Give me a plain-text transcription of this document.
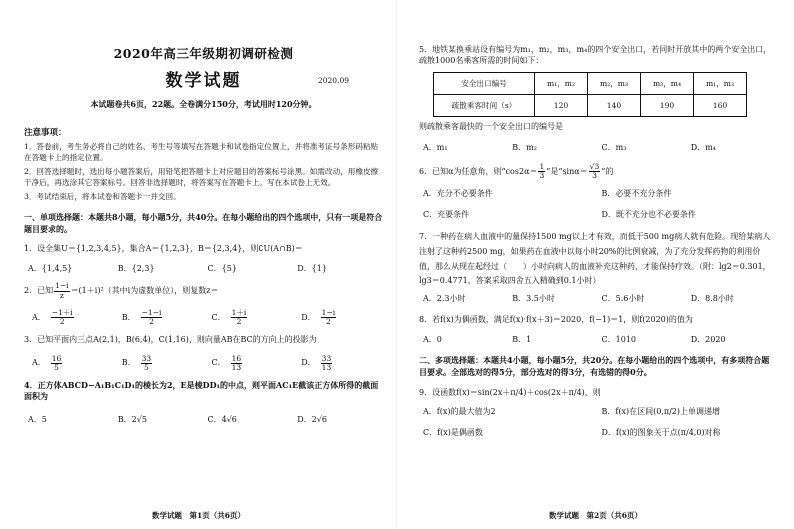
2020年高三年级期初调研检测
数学试题	2020.09
本试题卷共6页，22题。全卷满分150分，考试用时120分钟。
注意事项：

1．答卷前，考生务必将自己的姓名、考生号等填写在答题卡和试卷指定位置上，并将准考证号条形码粘贴在答题卡上的指定位置。

2．回答选择题时，选出每小题答案后，用铅笔把答题卡上对应题目的答案标号涂黑。如需改动，用橡皮擦干净后，再选涂其它答案标号。回答非选择题时，将答案写在答题卡上。写在本试卷上无效。

3．考试结束后，将本试卷和答题卡一并交回。

一、单项选择题：本题共8小题，每小题5分，共40分。在每小题给出的四个选项中，只有一项是符合题目要求的。
1．设全集U＝{1,2,3,4,5}，集合A＝{1,2,3}，B＝{2,3,4}，则∁U(A∩B)＝
A．{1,4,5}	B．{2,3}	C．{5}	D．{1}
2．已知 $\frac{1-i}{z} =(1+i)^2$（其中i为虚数单位），则复数z＝
A． $\frac{-1+i}{2}$	B． $\frac{-1-i}{2}$	C． $\frac{1+i}{2}$	D． $\frac{1-i}{2}$
3．已知平面内三点A(2,1)，B(6,4)，C(1,16)，则向量AB在BC的方向上的投影为
A． $\frac{16}{5}$	B． $\frac{33}{5}$	C． $\frac{16}{13}$	D． $\frac{33}{13}$
4．正方体ABCD−A₁B₁C₁D₁的棱长为2，E是棱DD₁的中点，则平面AC₁E截该正方体所得的截面面积为
A．5	B．2√5	C．4√6	D．2√6
数学试题　第1页（共6页）
5．地铁某换乘站设有编号为m₁，m₂，m₃，m₄的四个安全出口，若同时开放其中的两个安全出口，疏散1000名乘客所需的时间如下：
安全出口编号	m₁，m₂	m₂，m₃	m₃，m₄	m₁，m₃
疏散乘客时间（s）	120	140	190	160
则疏散乘客最快的一个安全出口的编号是
A．m₁	B．m₂	C．m₃	D．m₄
6．已知α为任意角，则“$\cos 2\alpha= \frac{1}{3}$ ”是“$\sin\alpha= \frac{√3}{3}$ ”的
A．充分不必要条件	B．必要不充分条件
C．充要条件	D．既不充分也不必要条件
7．一种药在病人血液中的量保持1500 mg以上才有效，而低于500 mg病人就有危险。现给某病人注射了这种药2500 mg，如果药在血液中以每小时20%的比例衰减，为了充分发挥药物的利用价值，那么从现在起经过（　　）小时向病人的血液补充这种药，才能保持疗效。（附：lg2＝0.301，lg3＝0.4771，答案采取四舍五入精确到0.1小时）
A．2.3小时	B．3.5小时	C．5.6小时	D．8.8小时
8．若f(x)为偶函数，满足f(x)·f(x＋3)＝2020，f(−1)＝1，则f(2020)的值为
A．0	B．1	C．1010	D．2020
二、多项选择题：本题共4小题，每小题5分，共20分。在每小题给出的四个选项中，有多项符合题目要求。全部选对的得5分，部分选对的得3分，有选错的得0分。
9．设函数f(x)＝sin(2x＋π/4)＋cos(2x＋π/4)，则
A．f(x)的最大值为2	B．f(x)在区间(0,π/2)上单调递增
C．f(x)是偶函数	D．f(x)的图象关于点(π/4,0)对称
数学试题　第2页（共6页）
